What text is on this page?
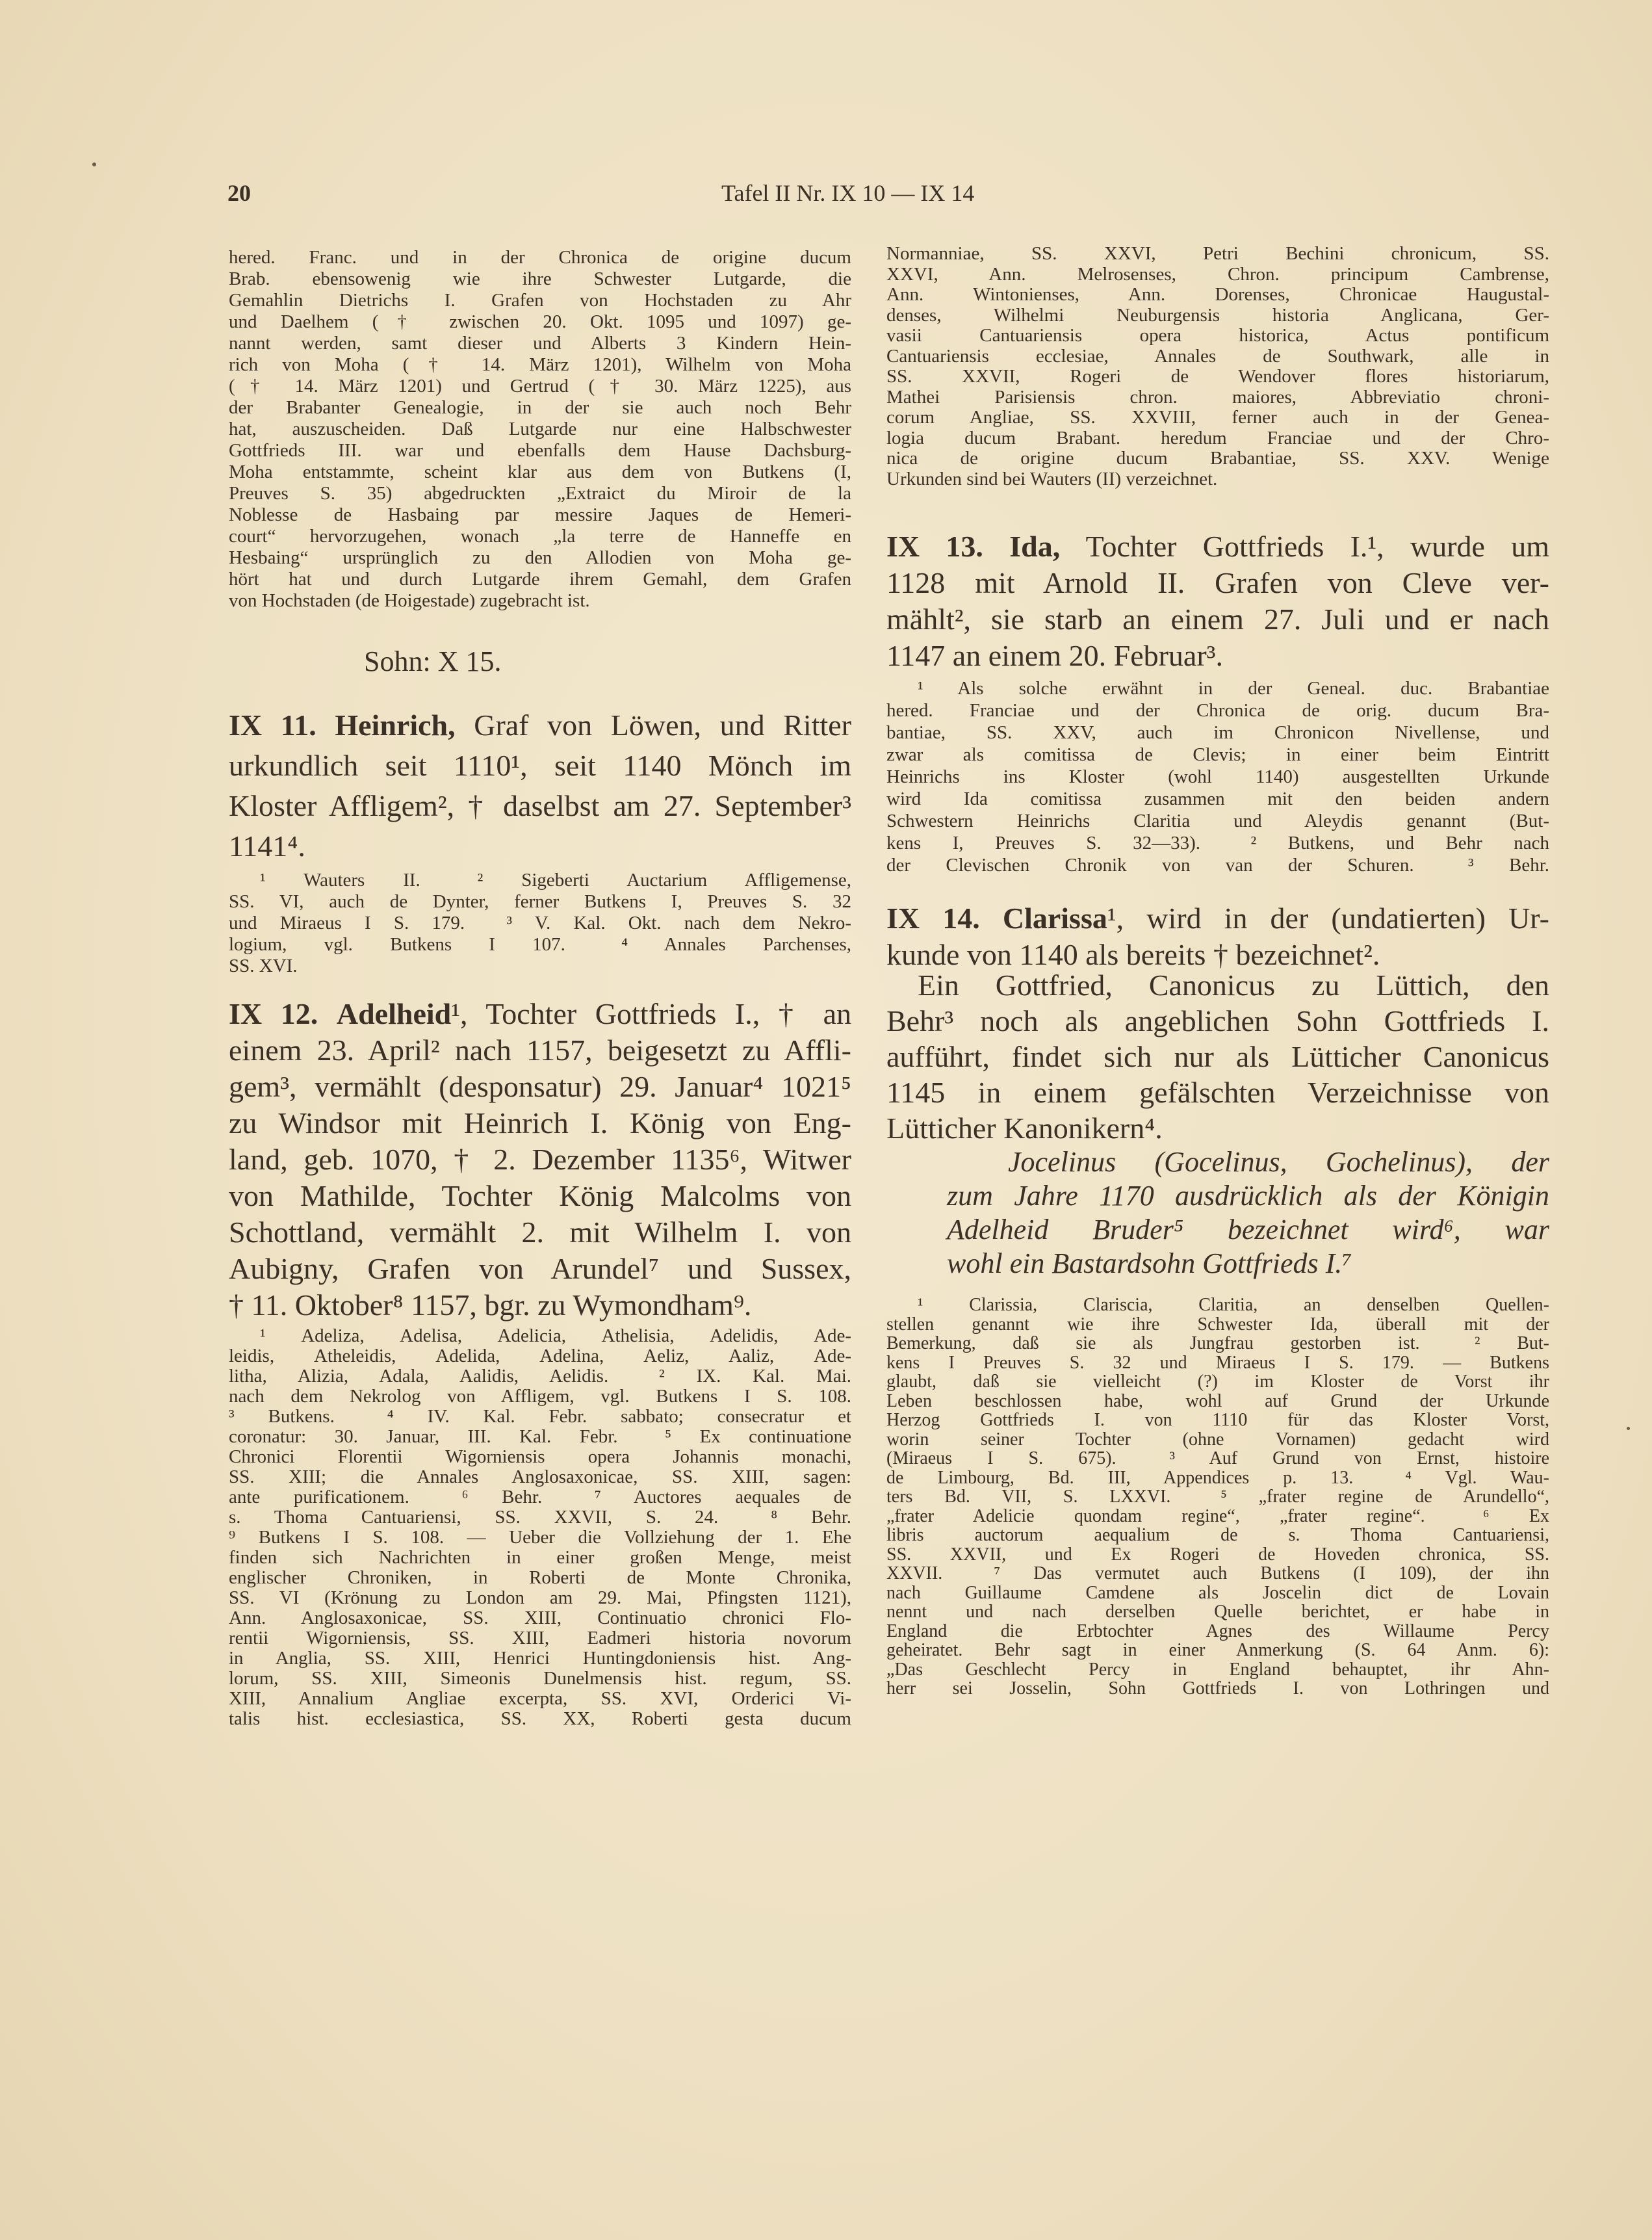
20	Tafel II Nr. IX 10 — IX 14
hered. Franc. und in der Chronica de origine ducum
Brab. ebensowenig wie ihre Schwester Lutgarde, die
Gemahlin Dietrichs I. Grafen von Hochstaden zu Ahr
und Daelhem († zwischen 20. Okt. 1095 und 1097) ge-
nannt werden, samt dieser und Alberts 3 Kindern Hein-
rich von Moha († 14. März 1201), Wilhelm von Moha
(† 14. März 1201) und Gertrud († 30. März 1225), aus
der Brabanter Genealogie, in der sie auch noch Behr
hat, auszuscheiden. Daß Lutgarde nur eine Halbschwester
Gottfrieds III. war und ebenfalls dem Hause Dachsburg-
Moha entstammte, scheint klar aus dem von Butkens (I,
Preuves S. 35) abgedruckten „Extraict du Miroir de la
Noblesse de Hasbaing par messire Jaques de Hemeri-
court“ hervorzugehen, wonach „la terre de Hanneffe en
Hesbaing“ ursprünglich zu den Allodien von Moha ge-
hört hat und durch Lutgarde ihrem Gemahl, dem Grafen
von Hochstaden (de Hoigestade) zugebracht ist.
Sohn: X 15.
IX 11. Heinrich, Graf von Löwen, und Ritter
urkundlich seit 1110¹, seit 1140 Mönch im
Kloster Affligem², † daselbst am 27. September³
1141⁴.
¹ Wauters II.  ² Sigeberti Auctarium Affligemense,
SS. VI, auch de Dynter, ferner Butkens I, Preuves S. 32
und Miraeus I S. 179.  ³ V. Kal. Okt. nach dem Nekro-
logium, vgl. Butkens I 107.  ⁴ Annales Parchenses,
SS. XVI.
IX 12. Adelheid¹, Tochter Gottfrieds I., † an
einem 23. April² nach 1157, beigesetzt zu Affli-
gem³, vermählt (desponsatur) 29. Januar⁴ 1021⁵
zu Windsor mit Heinrich I. König von Eng-
land, geb. 1070, † 2. Dezember 1135⁶, Witwer
von Mathilde, Tochter König Malcolms von
Schottland, vermählt 2. mit Wilhelm I. von
Aubigny, Grafen von Arundel⁷ und Sussex,
† 11. Oktober⁸ 1157, bgr. zu Wymondham⁹.
¹ Adeliza, Adelisa, Adelicia, Athelisia, Adelidis, Ade-
leidis, Atheleidis, Adelida, Adelina, Aeliz, Aaliz, Ade-
litha, Alizia, Adala, Aalidis, Aelidis.  ² IX. Kal. Mai.
nach dem Nekrolog von Affligem, vgl. Butkens I S. 108.
³ Butkens.  ⁴ IV. Kal. Febr. sabbato; consecratur et
coronatur: 30. Januar, III. Kal. Febr.  ⁵ Ex continuatione
Chronici Florentii Wigorniensis opera Johannis monachi,
SS. XIII; die Annales Anglosaxonicae, SS. XIII, sagen:
ante purificationem.  ⁶ Behr.  ⁷ Auctores aequales de
s. Thoma Cantuariensi, SS. XXVII, S. 24.  ⁸ Behr.
⁹ Butkens I S. 108. — Ueber die Vollziehung der 1. Ehe
finden sich Nachrichten in einer großen Menge, meist
englischer Chroniken, in Roberti de Monte Chronika,
SS. VI (Krönung zu London am 29. Mai, Pfingsten 1121),
Ann. Anglosaxonicae, SS. XIII, Continuatio chronici Flo-
rentii Wigorniensis, SS. XIII, Eadmeri historia novorum
in Anglia, SS. XIII, Henrici Huntingdoniensis hist. Ang-
lorum, SS. XIII, Simeonis Dunelmensis hist. regum, SS.
XIII, Annalium Angliae excerpta, SS. XVI, Orderici Vi-
talis hist. ecclesiastica, SS. XX, Roberti gesta ducum
Normanniae, SS. XXVI, Petri Bechini chronicum, SS.
XXVI, Ann. Melrosenses, Chron. principum Cambrense,
Ann. Wintonienses, Ann. Dorenses, Chronicae Haugustal-
denses, Wilhelmi Neuburgensis historia Anglicana, Ger-
vasii Cantuariensis opera historica, Actus pontificum
Cantuariensis ecclesiae, Annales de Southwark, alle in
SS. XXVII, Rogeri de Wendover flores historiarum,
Mathei Parisiensis chron. maiores, Abbreviatio chroni-
corum Angliae, SS. XXVIII, ferner auch in der Genea-
logia ducum Brabant. heredum Franciae und der Chro-
nica de origine ducum Brabantiae, SS. XXV. Wenige
Urkunden sind bei Wauters (II) verzeichnet.
IX 13. Ida, Tochter Gottfrieds I.¹, wurde um
1128 mit Arnold II. Grafen von Cleve ver-
mählt², sie starb an einem 27. Juli und er nach
1147 an einem 20. Februar³.
¹ Als solche erwähnt in der Geneal. duc. Brabantiae
hered. Franciae und der Chronica de orig. ducum Bra-
bantiae, SS. XXV, auch im Chronicon Nivellense, und
zwar als comitissa de Clevis; in einer beim Eintritt
Heinrichs ins Kloster (wohl 1140) ausgestellten Urkunde
wird Ida comitissa zusammen mit den beiden andern
Schwestern Heinrichs Claritia und Aleydis genannt (But-
kens I, Preuves S. 32—33).  ² Butkens, und Behr nach
der Clevischen Chronik von van der Schuren.  ³ Behr.
IX 14. Clarissa¹, wird in der (undatierten) Ur-
kunde von 1140 als bereits † bezeichnet².
Ein Gottfried, Canonicus zu Lüttich, den
Behr³ noch als angeblichen Sohn Gottfrieds I.
aufführt, findet sich nur als Lütticher Canonicus
1145 in einem gefälschten Verzeichnisse von
Lütticher Kanonikern⁴.
Jocelinus (Gocelinus, Gochelinus), der
zum Jahre 1170 ausdrücklich als der Königin
Adelheid Bruder⁵ bezeichnet wird⁶, war
wohl ein Bastardsohn Gottfrieds I.⁷
¹ Clarissia, Clariscia, Claritia, an denselben Quellen-
stellen genannt wie ihre Schwester Ida, überall mit der
Bemerkung, daß sie als Jungfrau gestorben ist.  ² But-
kens I Preuves S. 32 und Miraeus I S. 179. — Butkens
glaubt, daß sie vielleicht (?) im Kloster de Vorst ihr
Leben beschlossen habe, wohl auf Grund der Urkunde
Herzog Gottfrieds I. von 1110 für das Kloster Vorst,
worin seiner Tochter (ohne Vornamen) gedacht wird
(Miraeus I S. 675).  ³ Auf Grund von Ernst, histoire
de Limbourg, Bd. III, Appendices p. 13.  ⁴ Vgl. Wau-
ters Bd. VII, S. LXXVI.  ⁵ „frater regine de Arundello“,
„frater Adelicie quondam regine“, „frater regine“.  ⁶ Ex
libris auctorum aequalium de s. Thoma Cantuariensi,
SS. XXVII, und Ex Rogeri de Hoveden chronica, SS.
XXVII.  ⁷ Das vermutet auch Butkens (I 109), der ihn
nach Guillaume Camdene als Joscelin dict de Lovain
nennt und nach derselben Quelle berichtet, er habe in
England die Erbtochter Agnes des Willaume Percy
geheiratet. Behr sagt in einer Anmerkung (S. 64 Anm. 6):
„Das Geschlecht Percy in England behauptet, ihr Ahn-
herr sei Josselin, Sohn Gottfrieds I. von Lothringen und
